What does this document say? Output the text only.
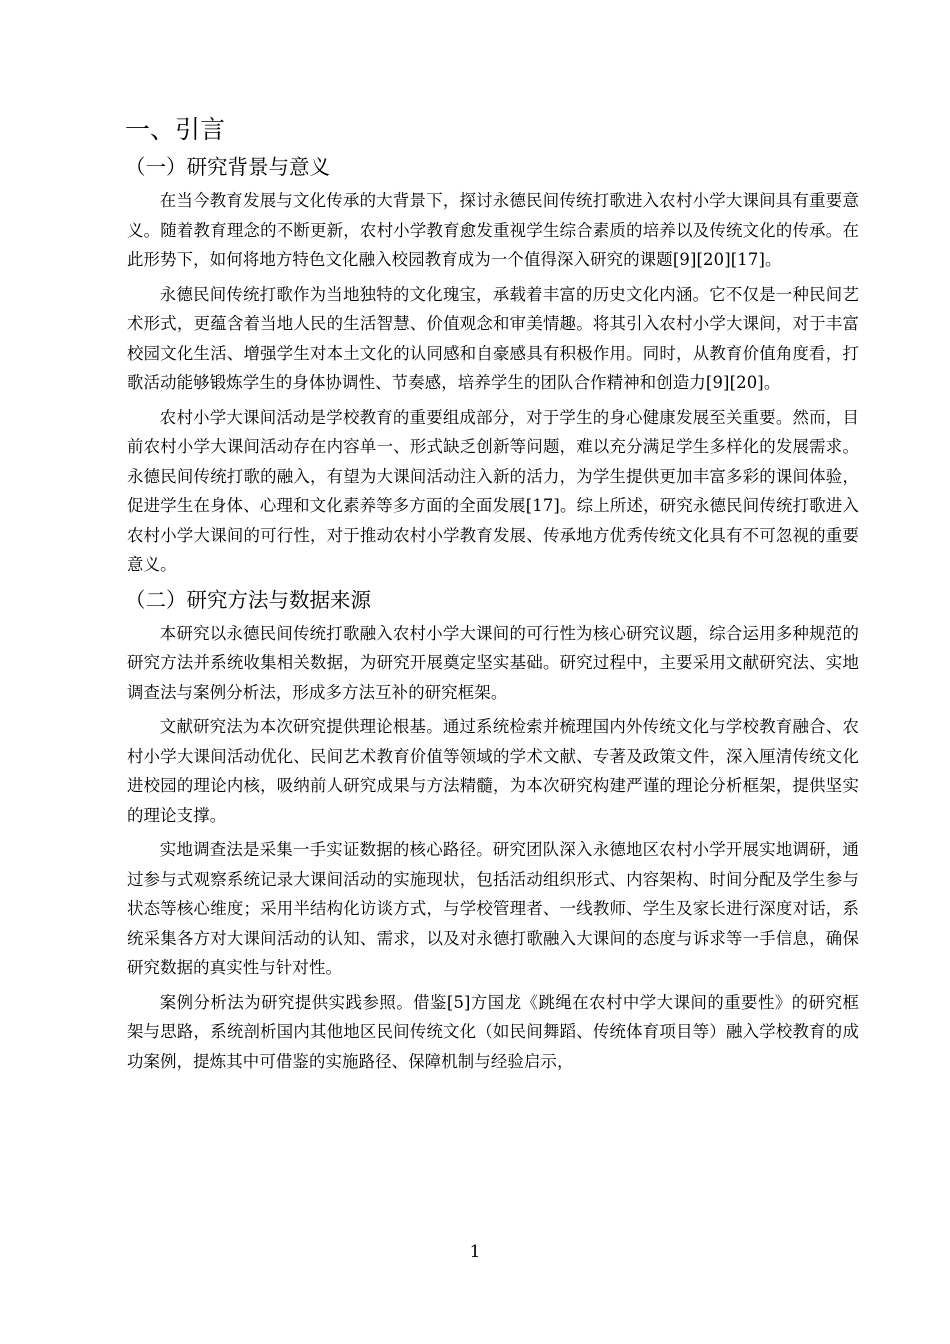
一、引言
（一）研究背景与意义

在当今教育发展与文化传承的大背景下，探讨永德民间传统打歌进入农村小学大课间具有重要意义。随着教育理念的不断更新，农村小学教育愈发重视学生综合素质的培养以及传统文化的传承。在此形势下，如何将地方特色文化融入校园教育成为一个值得深入研究的课题[9][20][17]。

永德民间传统打歌作为当地独特的文化瑰宝，承载着丰富的历史文化内涵。它不仅是一种民间艺术形式，更蕴含着当地人民的生活智慧、价值观念和审美情趣。将其引入农村小学大课间，对于丰富校园文化生活、增强学生对本土文化的认同感和自豪感具有积极作用。同时，从教育价值角度看，打歌活动能够锻炼学生的身体协调性、节奏感，培养学生的团队合作精神和创造力[9][20]。

农村小学大课间活动是学校教育的重要组成部分，对于学生的身心健康发展至关重要。然而，目前农村小学大课间活动存在内容单一、形式缺乏创新等问题，难以充分满足学生多样化的发展需求。永德民间传统打歌的融入，有望为大课间活动注入新的活力，为学生提供更加丰富多彩的课间体验，促进学生在身体、心理和文化素养等多方面的全面发展[17]。综上所述，研究永德民间传统打歌进入农村小学大课间的可行性，对于推动农村小学教育发展、传承地方优秀传统文化具有不可忽视的重要意义。

（二）研究方法与数据来源

本研究以永德民间传统打歌融入农村小学大课间的可行性为核心研究议题，综合运用多种规范的研究方法并系统收集相关数据，为研究开展奠定坚实基础。研究过程中，主要采用文献研究法、实地调查法与案例分析法，形成多方法互补的研究框架。

文献研究法为本次研究提供理论根基。通过系统检索并梳理国内外传统文化与学校教育融合、农村小学大课间活动优化、民间艺术教育价值等领域的学术文献、专著及政策文件，深入厘清传统文化进校园的理论内核，吸纳前人研究成果与方法精髓，为本次研究构建严谨的理论分析框架，提供坚实的理论支撑。

实地调查法是采集一手实证数据的核心路径。研究团队深入永德地区农村小学开展实地调研，通过参与式观察系统记录大课间活动的实施现状，包括活动组织形式、内容架构、时间分配及学生参与状态等核心维度；采用半结构化访谈方式，与学校管理者、一线教师、学生及家长进行深度对话，系统采集各方对大课间活动的认知、需求，以及对永德打歌融入大课间的态度与诉求等一手信息，确保研究数据的真实性与针对性。

案例分析法为研究提供实践参照。借鉴[5]方国龙《跳绳在农村中学大课间的重要性》的研究框架与思路，系统剖析国内其他地区民间传统文化（如民间舞蹈、传统体育项目等）融入学校教育的成功案例，提炼其中可借鉴的实施路径、保障机制与经验启示，

1
